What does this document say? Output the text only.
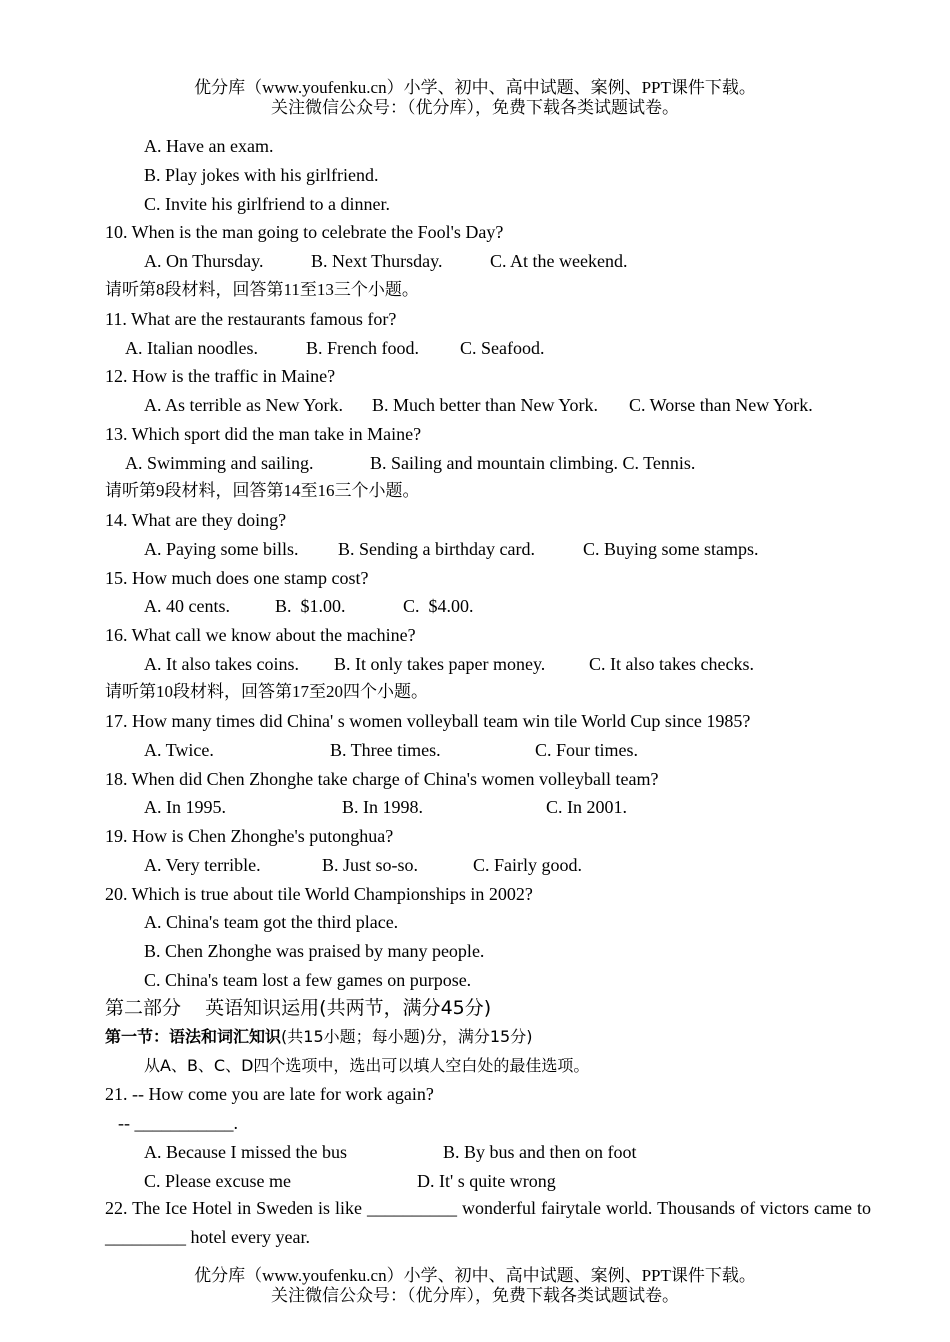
优分库（www.youfenku.cn）小学、初中、高中试题、案例、PPT课件下载。
关注微信公众号：（优分库），免费下载各类试题试卷。
A. Have an exam.
B. Play jokes with his girlfriend.
C. Invite his girlfriend to a dinner.
10. When is the man going to celebrate the Fool's Day?
A. On Thursday.	B. Next Thursday.	C. At the weekend.
请听第8段材料，回答第11至13三个小题。
11. What are the restaurants famous for?
A. Italian noodles.	B. French food. C. Seafood.
12. How is the traffic in Maine?
A. As terrible as New York. B. Much better than New York. C. Worse than New York.
13. Which sport did the man take in Maine?
A. Swimming and sailing.	B. Sailing and mountain climbing. C. Tennis.
请听第9段材料，回答第14至16三个小题。
14. What are they doing?
A. Paying some bills. B. Sending a birthday card.	C. Buying some stamps.
15. How much does one stamp cost?
A. 40 cents.	B.  $1.00.	C.  $4.00.
16. What call we know about the machine?
A. It also takes coins. B. It only takes paper money. C. It also takes checks.
请听第10段材料，回答第17至20四个小题。
17. How many times did China' s women volleyball team win tile World Cup since 1985?
A. Twice.	B. Three times.	C. Four times.
18. When did Chen Zhonghe take charge of China's women volleyball team?
A. In 1995.	B. In 1998.	C. In 2001.
19. How is Chen Zhonghe's putonghua?
A. Very terrible.	B. Just so-so.	C. Fairly good.
20. Which is true about tile World Championships in 2002?
A. China's team got the third place.
B. Chen Zhonghe was praised by many people.
C. China's team lost a few games on purpose.
第二部分    英语知识运用(共两节，满分45分)
第一节：语法和词汇知识(共15小题；每小题)分，满分15分)
从A、B、C、D四个选项中，选出可以填人空白处的最佳选项。
21. -- How come you are late for work again?
-- ___________.
A. Because I missed the bus	B. By bus and then on foot
C. Please excuse me	D. It' s quite wrong
22. The Ice Hotel in Sweden is like __________ wonderful fairytale world. Thousands of victors came to _________ hotel every year.
优分库（www.youfenku.cn）小学、初中、高中试题、案例、PPT课件下载。
关注微信公众号：（优分库），免费下载各类试题试卷。
